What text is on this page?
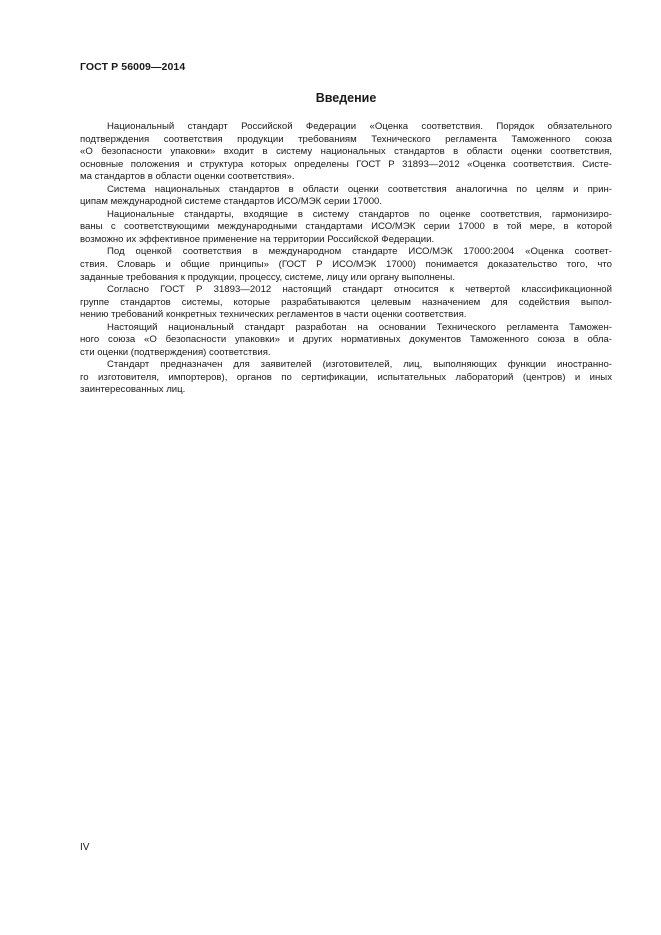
ГОСТ Р 56009—2014
Введение
Национальный стандарт Российской Федерации «Оценка соответствия. Порядок обязательного
подтверждения соответствия продукции требованиям Технического регламента Таможенного союза
«О безопасности упаковки» входит в систему национальных стандартов в области оценки соответствия,
основные положения и структура которых определены ГОСТ Р 31893—2012 «Оценка соответствия. Систе-
ма стандартов в области оценки соответствия».
Система национальных стандартов в области оценки соответствия аналогична по целям и прин-
ципам международной системе стандартов ИСО/МЭК серии 17000.
Национальные стандарты, входящие в систему стандартов по оценке соответствия, гармонизиро-
ваны с соответствующими международными стандартами ИСО/МЭК серии 17000 в той мере, в которой
возможно их эффективное применение на территории Российской Федерации.
Под оценкой соответствия в международном стандарте ИСО/МЭК 17000:2004 «Оценка соответ-
ствия. Словарь и общие принципы» (ГОСТ Р ИСО/МЭК 17000) понимается доказательство того, что
заданные требования к продукции, процессу, системе, лицу или органу выполнены.
Согласно ГОСТ Р 31893—2012 настоящий стандарт относится к четвертой классификационной
группе стандартов системы, которые разрабатываются целевым назначением для содействия выпол-
нению требований конкретных технических регламентов в части оценки соответствия.
Настоящий национальный стандарт разработан на основании Технического регламента Таможен-
ного союза «О безопасности упаковки» и других нормативных документов Таможенного союза в обла-
сти оценки (подтверждения) соответствия.
Стандарт предназначен для заявителей (изготовителей, лиц, выполняющих функции иностранно-
го изготовителя, импортеров), органов по сертификации, испытательных лабораторий (центров) и иных
заинтересованных лиц.
IV
